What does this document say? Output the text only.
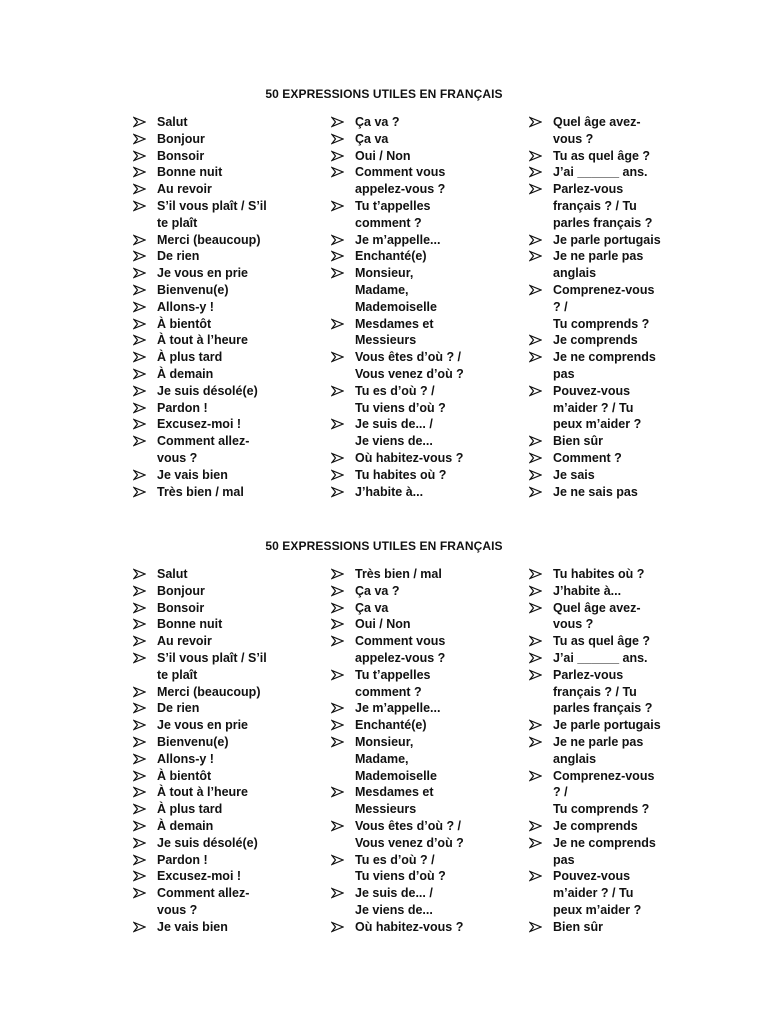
50 EXPRESSIONS UTILES EN FRANÇAIS
Salut
Bonjour
Bonsoir
Bonne nuit
Au revoir
S’il vous plaît / S’il
te plaît
Merci (beaucoup)
De rien
Je vous en prie
Bienvenu(e)
Allons-y !
À bientôt
À tout à l’heure
À plus tard
À demain
Je suis désolé(e)
Pardon !
Excusez-moi !
Comment allez-
vous ?
Je vais bien
Très bien / mal
Ça va ?
Ça va
Oui / Non
Comment vous
appelez-vous ?
Tu t’appelles
comment ?
Je m’appelle...
Enchanté(e)
Monsieur,
Madame,
Mademoiselle
Mesdames et
Messieurs
Vous êtes d’où ? /
Vous venez d’où ?
Tu es d’où ? /
Tu viens d’où ?
Je suis de... /
Je viens de...
Où habitez-vous ?
Tu habites où ?
J’habite à...
Quel âge avez-
vous ?
Tu as quel âge ?
J’ai ______ ans.
Parlez-vous
français ? / Tu
parles français ?
Je parle portugais
Je ne parle pas
anglais
Comprenez-vous
? /
Tu comprends ?
Je comprends
Je ne comprends
pas
Pouvez-vous
m’aider ? / Tu
peux m’aider ?
Bien sûr
Comment ?
Je sais
Je ne sais pas
50 EXPRESSIONS UTILES EN FRANÇAIS
Salut
Bonjour
Bonsoir
Bonne nuit
Au revoir
S’il vous plaît / S’il
te plaît
Merci (beaucoup)
De rien
Je vous en prie
Bienvenu(e)
Allons-y !
À bientôt
À tout à l’heure
À plus tard
À demain
Je suis désolé(e)
Pardon !
Excusez-moi !
Comment allez-
vous ?
Je vais bien
Très bien / mal
Ça va ?
Ça va
Oui / Non
Comment vous
appelez-vous ?
Tu t’appelles
comment ?
Je m’appelle...
Enchanté(e)
Monsieur,
Madame,
Mademoiselle
Mesdames et
Messieurs
Vous êtes d’où ? /
Vous venez d’où ?
Tu es d’où ? /
Tu viens d’où ?
Je suis de... /
Je viens de...
Où habitez-vous ?
Tu habites où ?
J’habite à...
Quel âge avez-
vous ?
Tu as quel âge ?
J’ai ______ ans.
Parlez-vous
français ? / Tu
parles français ?
Je parle portugais
Je ne parle pas
anglais
Comprenez-vous
? /
Tu comprends ?
Je comprends
Je ne comprends
pas
Pouvez-vous
m’aider ? / Tu
peux m’aider ?
Bien sûr
